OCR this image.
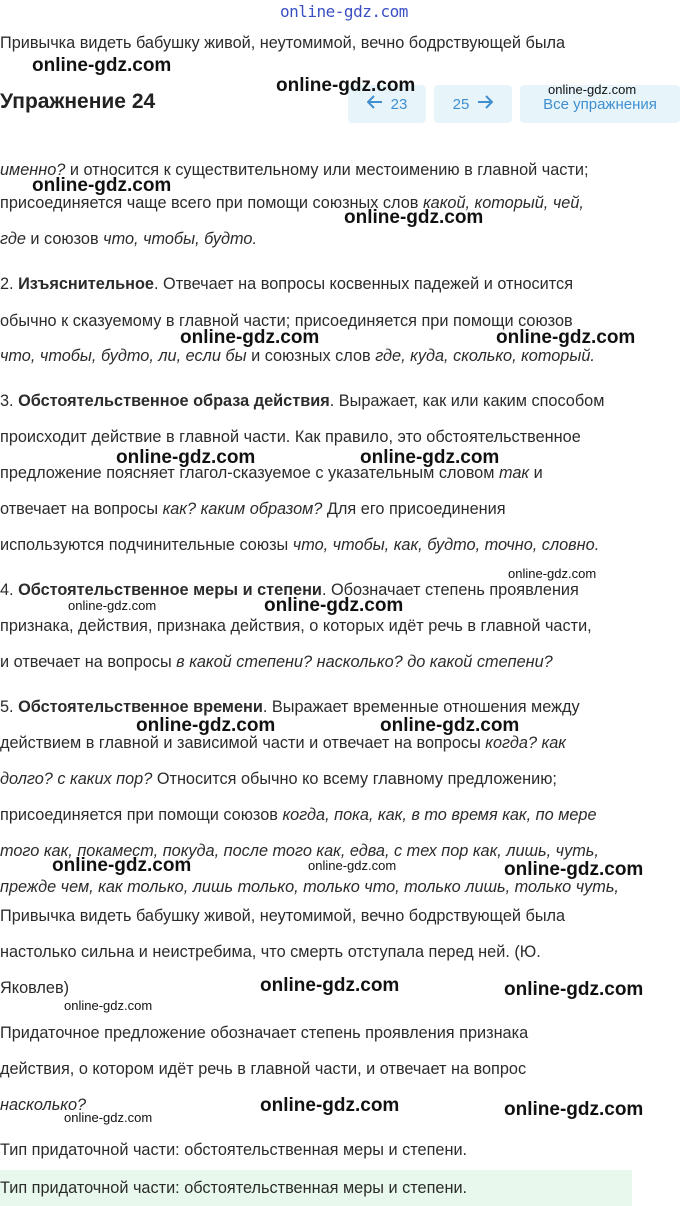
online-gdz.com
Привычка видеть бабушку живой, неутомимой, вечно бодрствующей была
Упражнение 24	23	25	Все упражнения
именно? и относится к существительному или местоимению в главной части;
присоединяется чаще всего при помощи союзных слов какой, который, чей,
где и союзов что, чтобы, будто.
2. Изъяснительное. Отвечает на вопросы косвенных падежей и относится
обычно к сказуемому в главной части; присоединяется при помощи союзов
что, чтобы, будто, ли, если бы и союзных слов где, куда, сколько, который.
3. Обстоятельственное образа действия. Выражает, как или каким способом
происходит действие в главной части. Как правило, это обстоятельственное
предложение поясняет глагол-сказуемое с указательным словом так и
отвечает на вопросы как? каким образом? Для его присоединения
используются подчинительные союзы что, чтобы, как, будто, точно, словно.
4. Обстоятельственное меры и степени. Обозначает степень проявления
признака, действия, признака действия, о которых идёт речь в главной части,
и отвечает на вопросы в какой степени? насколько? до какой степени?
5. Обстоятельственное времени. Выражает временные отношения между
действием в главной и зависимой части и отвечает на вопросы когда? как
долго? с каких пор? Относится обычно ко всему главному предложению;
присоединяется при помощи союзов когда, пока, как, в то время как, по мере
того как, покамест, покуда, после того как, едва, с тех пор как, лишь, чуть,
прежде чем, как только, лишь только, только что, только лишь, только чуть,
Привычка видеть бабушку живой, неутомимой, вечно бодрствующей была
настолько сильна и неистребима, что смерть отступала перед ней. (Ю.
Яковлев)
Придаточное предложение обозначает степень проявления признака
действия, о котором идёт речь в главной части, и отвечает на вопрос
насколько?
Тип придаточной части: обстоятельственная меры и степени.
Тип придаточной части: обстоятельственная меры и степени.
online-gdz.com
online-gdz.com	online-gdz.com
online-gdz.com
online-gdz.com
online-gdz.com	online-gdz.com
online-gdz.com	online-gdz.com
online-gdz.com
online-gdz.com	online-gdz.com
online-gdz.com	online-gdz.com
online-gdz.com	online-gdz.com	online-gdz.com
online-gdz.com	online-gdz.com
online-gdz.com
online-gdz.com	online-gdz.com
online-gdz.com
